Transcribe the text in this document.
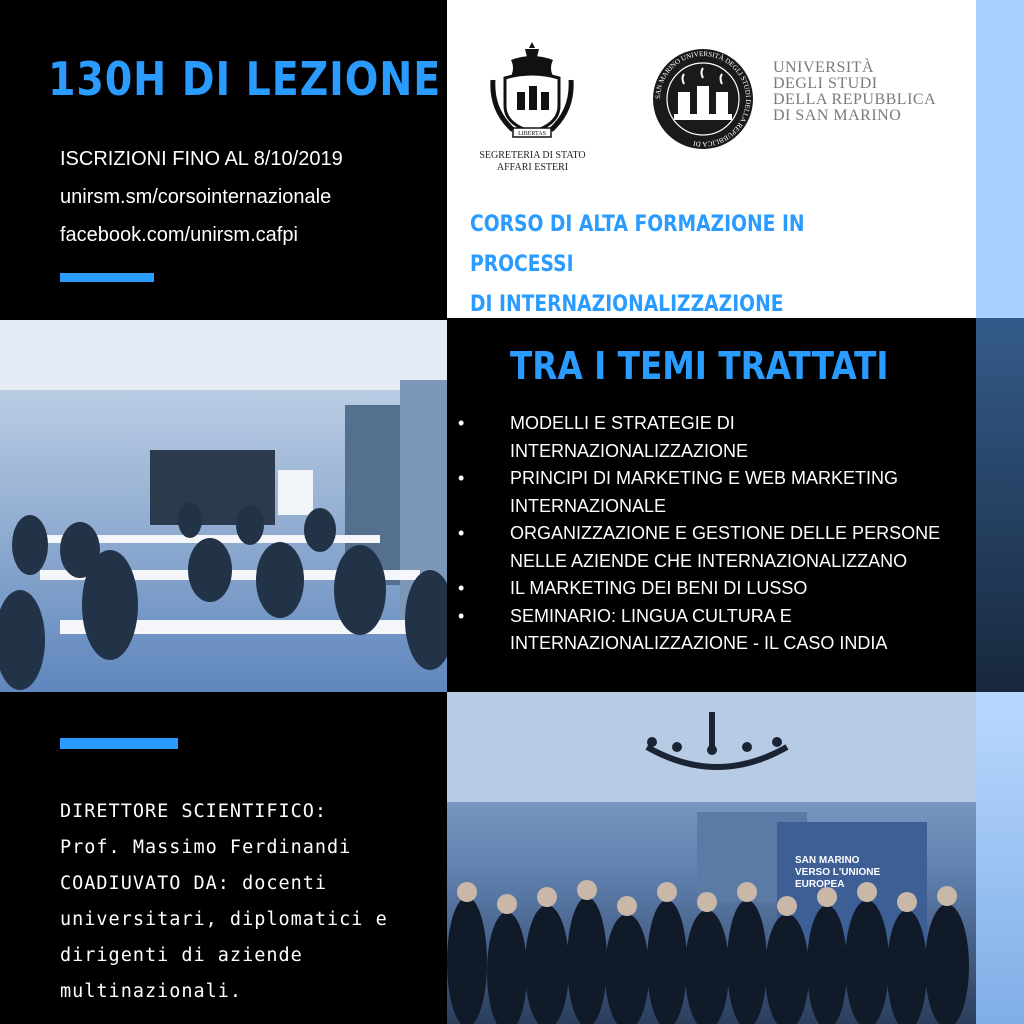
130H DI LEZIONE
ISCRIZIONI FINO AL 8/10/2019
unirsm.sm/corsointernazionale
facebook.com/unirsm.cafpi
LIBERTAS
SEGRETERIA DI STATO
AFFARI ESTERI
SAN MARINO UNIVERSITÀ DEGLI STUDI DELLA REPUBBLICA DI
UNIVERSITÀ
DEGLI STUDI
DELLA REPUBBLICA
DI SAN MARINO
CORSO DI ALTA FORMAZIONE IN PROCESSI
DI INTERNAZIONALIZZAZIONE
TRA I TEMI TRATTATI
•	MODELLI E STRATEGIE DI
INTERNAZIONALIZZAZIONE
•	PRINCIPI DI MARKETING E WEB MARKETING
INTERNAZIONALE
•	ORGANIZZAZIONE E GESTIONE DELLE PERSONE
NELLE AZIENDE CHE INTERNAZIONALIZZANO
•	IL MARKETING DEI BENI DI LUSSO
•	SEMINARIO: LINGUA CULTURA E
INTERNAZIONALIZZAZIONE - IL CASO INDIA
DIRETTORE SCIENTIFICO:
Prof. Massimo Ferdinandi
COADIUVATO DA: docenti
universitari, diplomatici e
dirigenti di aziende
multinazionali.
SAN MARINO
VERSO L'UNIONE
EUROPEA
